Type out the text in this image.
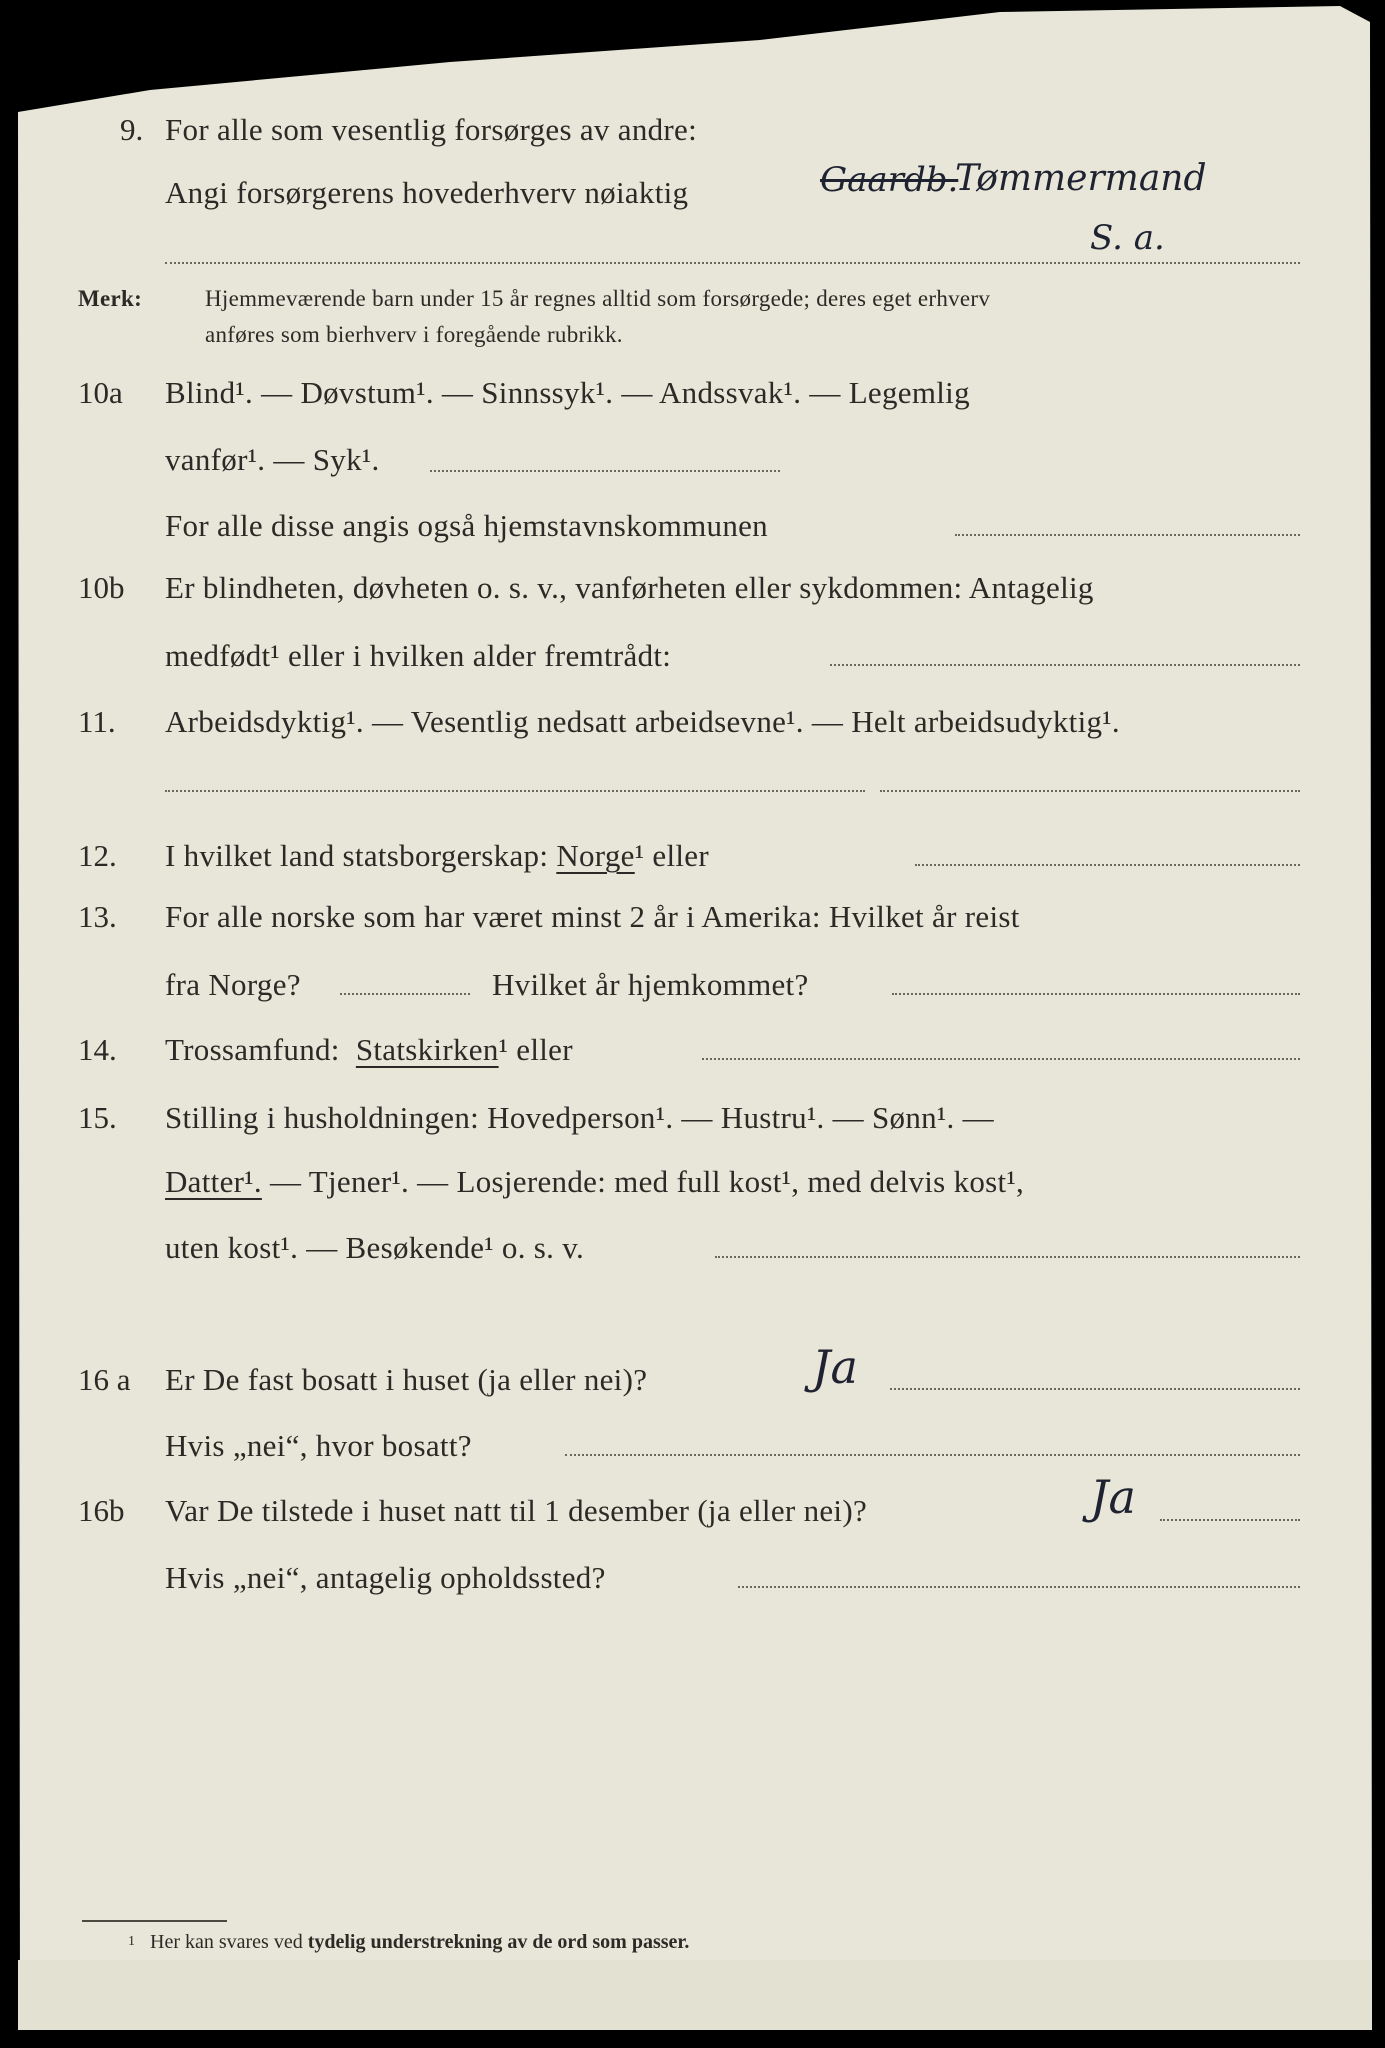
9. For alle som vesentlig forsørges av andre:
Angi forsørgerens hovederhverv nøiaktig	Gaardb.
Tømmermand
S. a.
Merk:	Hjemmeværende barn under 15 år regnes alltid som forsørgede; deres eget erhverv
anføres som bierhverv i foregående rubrikk.
10a Blind¹. — Døvstum¹. — Sinnssyk¹. — Andssvak¹. — Legemlig
vanfør¹. — Syk¹.
For alle disse angis også hjemstavnskommunen
10b Er blindheten, døvheten o. s. v., vanførheten eller sykdommen: Antagelig
medfødt¹ eller i hvilken alder fremtrådt:
11. Arbeidsdyktig¹. — Vesentlig nedsatt arbeidsevne¹. — Helt arbeidsudyktig¹.
12. I hvilket land statsborgerskap: Norge¹ eller
13. For alle norske som har været minst 2 år i Amerika: Hvilket år reist
fra Norge?	Hvilket år hjemkommet?
14. Trossamfund: Statskirken¹ eller
15. Stilling i husholdningen: Hovedperson¹. — Hustru¹. — Sønn¹. —
Datter¹. — Tjener¹. — Losjerende: med full kost¹, med delvis kost¹,
uten kost¹. — Besøkende¹ o. s. v.
16 a Er De fast bosatt i huset (ja eller nei)?	Ja
Hvis „nei“, hvor bosatt?
16b Var De tilstede i huset natt til 1 desember (ja eller nei)?	Ja
Hvis „nei“, antagelig opholdssted?
$^1$ Her kan svares ved tydelig understrekning av de ord som passer.
